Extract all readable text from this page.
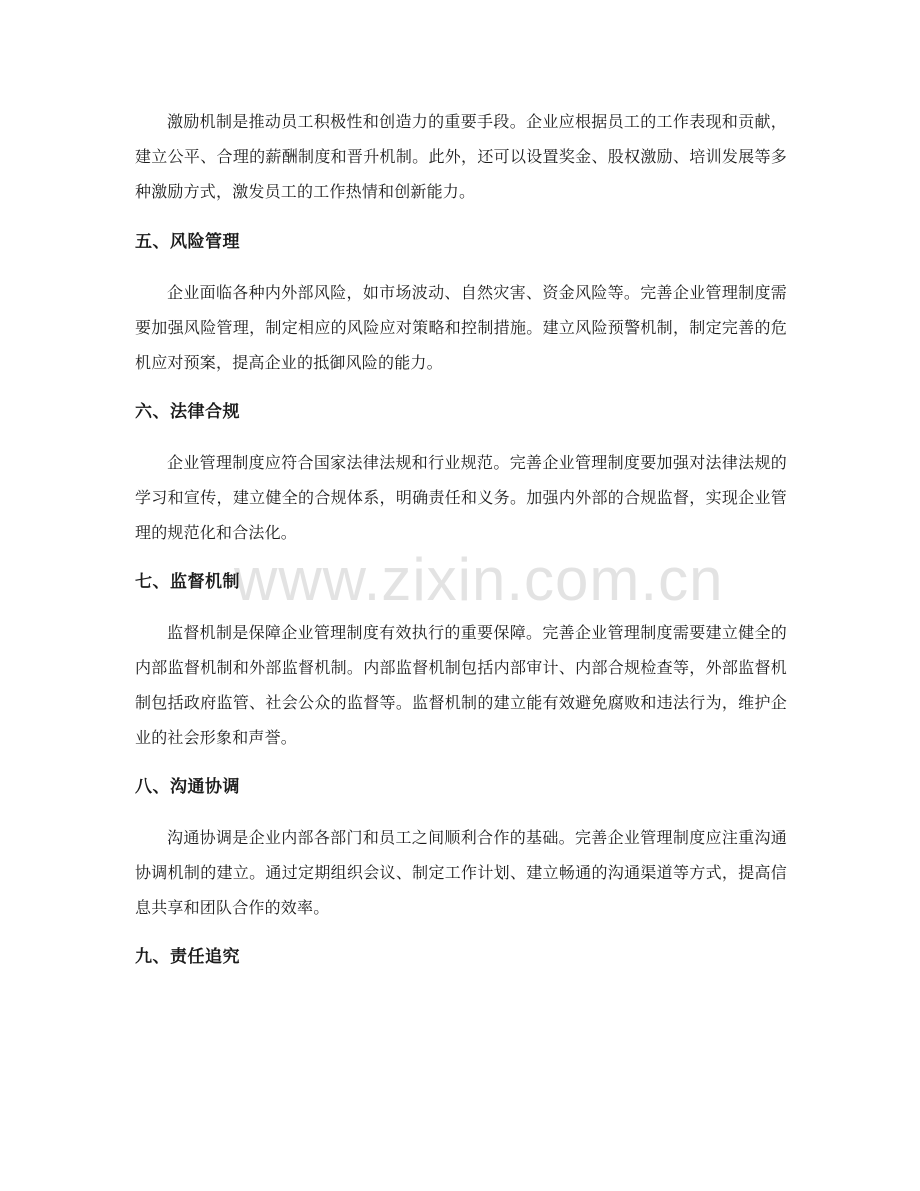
www.zixin.com.cn

激励机制是推动员工积极性和创造力的重要手段。企业应根据员工的工作表现和贡献，建立公平、合理的薪酬制度和晋升机制。此外，还可以设置奖金、股权激励、培训发展等多种激励方式，激发员工的工作热情和创新能力。

五、风险管理

企业面临各种内外部风险，如市场波动、自然灾害、资金风险等。完善企业管理制度需要加强风险管理，制定相应的风险应对策略和控制措施。建立风险预警机制，制定完善的危机应对预案，提高企业的抵御风险的能力。

六、法律合规

企业管理制度应符合国家法律法规和行业规范。完善企业管理制度要加强对法律法规的学习和宣传，建立健全的合规体系，明确责任和义务。加强内外部的合规监督，实现企业管理的规范化和合法化。

七、监督机制

监督机制是保障企业管理制度有效执行的重要保障。完善企业管理制度需要建立健全的内部监督机制和外部监督机制。内部监督机制包括内部审计、内部合规检查等，外部监督机制包括政府监管、社会公众的监督等。监督机制的建立能有效避免腐败和违法行为，维护企业的社会形象和声誉。

八、沟通协调

沟通协调是企业内部各部门和员工之间顺利合作的基础。完善企业管理制度应注重沟通协调机制的建立。通过定期组织会议、制定工作计划、建立畅通的沟通渠道等方式，提高信息共享和团队合作的效率。

九、责任追究
